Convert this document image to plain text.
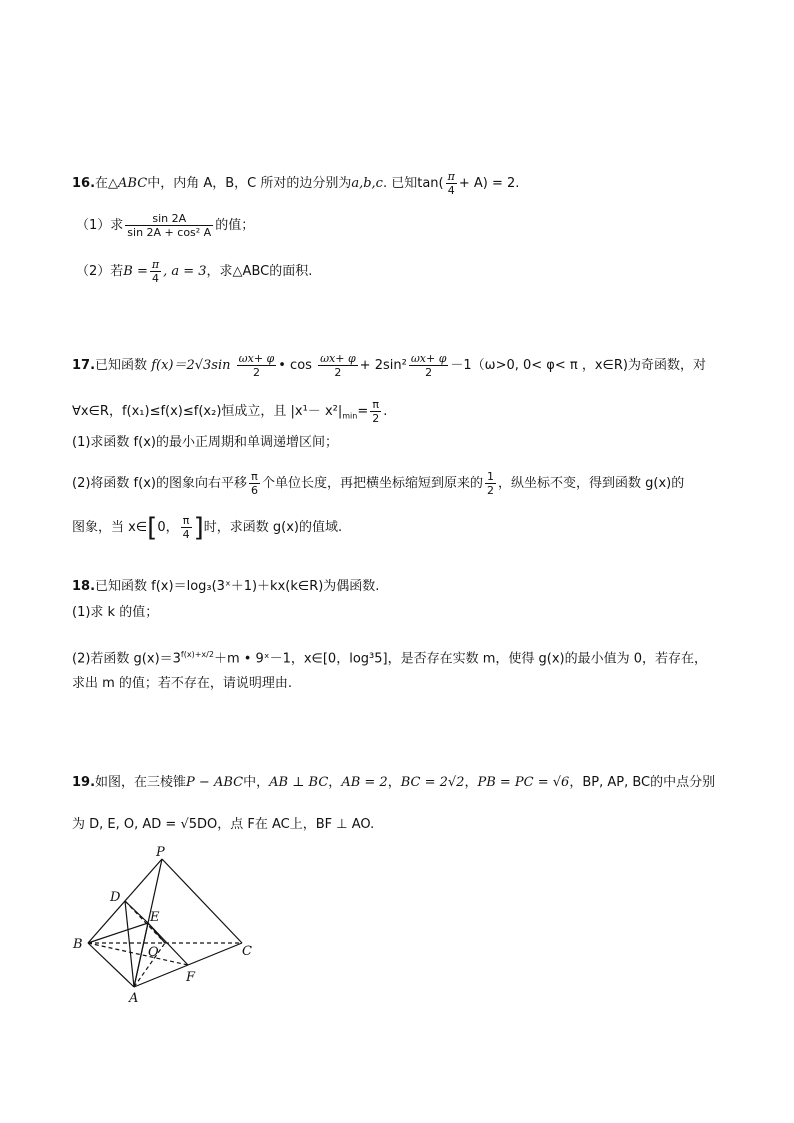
16.在△ABC中，内角 A，B，C 所对的边分别为a,b,c. 已知$\tan( \frac{\pi}{4} + A) = 2$.
（1）求 $\frac{\sin 2A}{\text{sin 2A + cos² A}}$ 的值；
（2）若$B = \frac{\pi}{4}$ , a = 3，求△ABC的面积.
17.已知函数 $f(x)=2√3\sin \frac{\omega x+ \varphi}{2}$ • $\cos \frac{\omega x+ \varphi}{2} + 2\sin^2 \frac{\omega x+ \varphi}{2} -1(\omega>0$, 0< φ< π ，x∈R)为奇函数，对
∀x∈R，f(x₁)≤f(x)≤f(x₂)恒成立，且 $|x^1- x^2|_{min}= \frac{\pi}{2}$ .
(1)求函数 f(x)的最小正周期和单调递增区间；
(2)将函数 f(x)的图象向右平移 $\frac{\pi}{6}$ 个单位长度，再把横坐标缩短到原来的 $\frac{1}{2}$ ，纵坐标不变，得到函数 g(x)的
图象，当 x∈[0， $\frac{\pi}{4}$ ]时，求函数 g(x)的值域.
18.已知函数 f(x)＝log₃(3ˣ＋1)＋kx(k∈R)为偶函数.
(1)求 k 的值；
(2)若函数 $g(x)=3^{f(x)+x/2}+m$ • 9ˣ－1，x∈[0，log³5]，是否存在实数 m，使得 g(x)的最小值为 0，若存在，
求出 m 的值；若不存在，请说明理由.
19.如图，在三棱锥P − ABC中，AB ⊥ BC，AB = 2，BC = 2√2，PB = PC = √6，BP, AP, BC的中点分别
为 D, E, O, AD = √5DO，点 F在 AC上，BF ⊥ AO.
P
D
E
B
O	C
F
A
